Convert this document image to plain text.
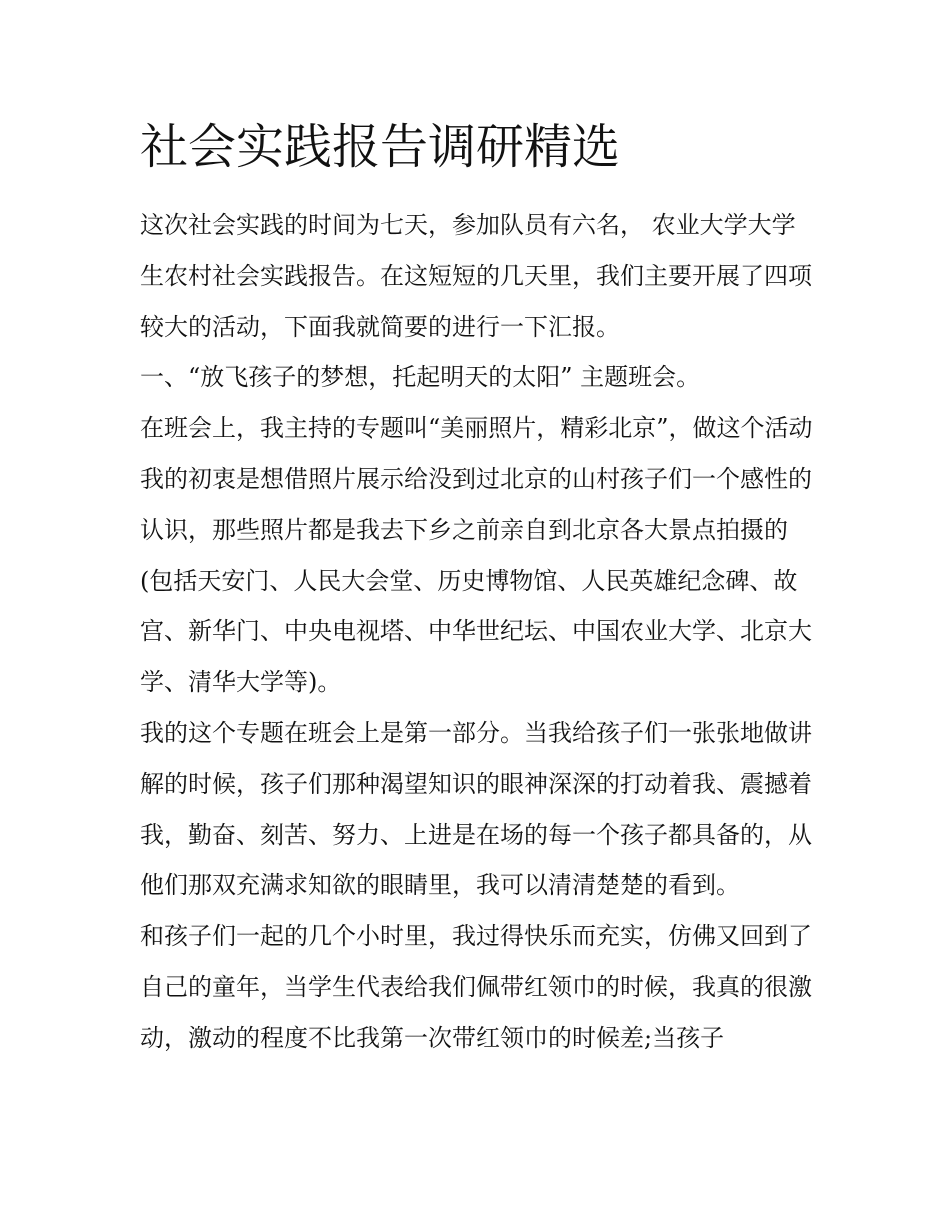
社会实践报告调研精选

这次社会实践的时间为七天，参加队员有六名， 农业大学大学生农村社会实践报告。在这短短的几天里，我们主要开展了四项较大的活动，下面我就简要的进行一下汇报。

一、“放飞孩子的梦想，托起明天的太阳” 主题班会。

在班会上，我主持的专题叫“美丽照片，精彩北京”，做这个活动我的初衷是想借照片展示给没到过北京的山村孩子们一个感性的认识，那些照片都是我去下乡之前亲自到北京各大景点拍摄的(包括天安门、人民大会堂、历史博物馆、人民英雄纪念碑、故宫、新华门、中央电视塔、中华世纪坛、中国农业大学、北京大学、清华大学等)。

我的这个专题在班会上是第一部分。当我给孩子们一张张地做讲解的时候，孩子们那种渴望知识的眼神深深的打动着我、震撼着我，勤奋、刻苦、努力、上进是在场的每一个孩子都具备的，从他们那双充满求知欲的眼睛里，我可以清清楚楚的看到。

和孩子们一起的几个小时里，我过得快乐而充实，仿佛又回到了自己的童年，当学生代表给我们佩带红领巾的时候，我真的很激动，激动的程度不比我第一次带红领巾的时候差;当孩子
